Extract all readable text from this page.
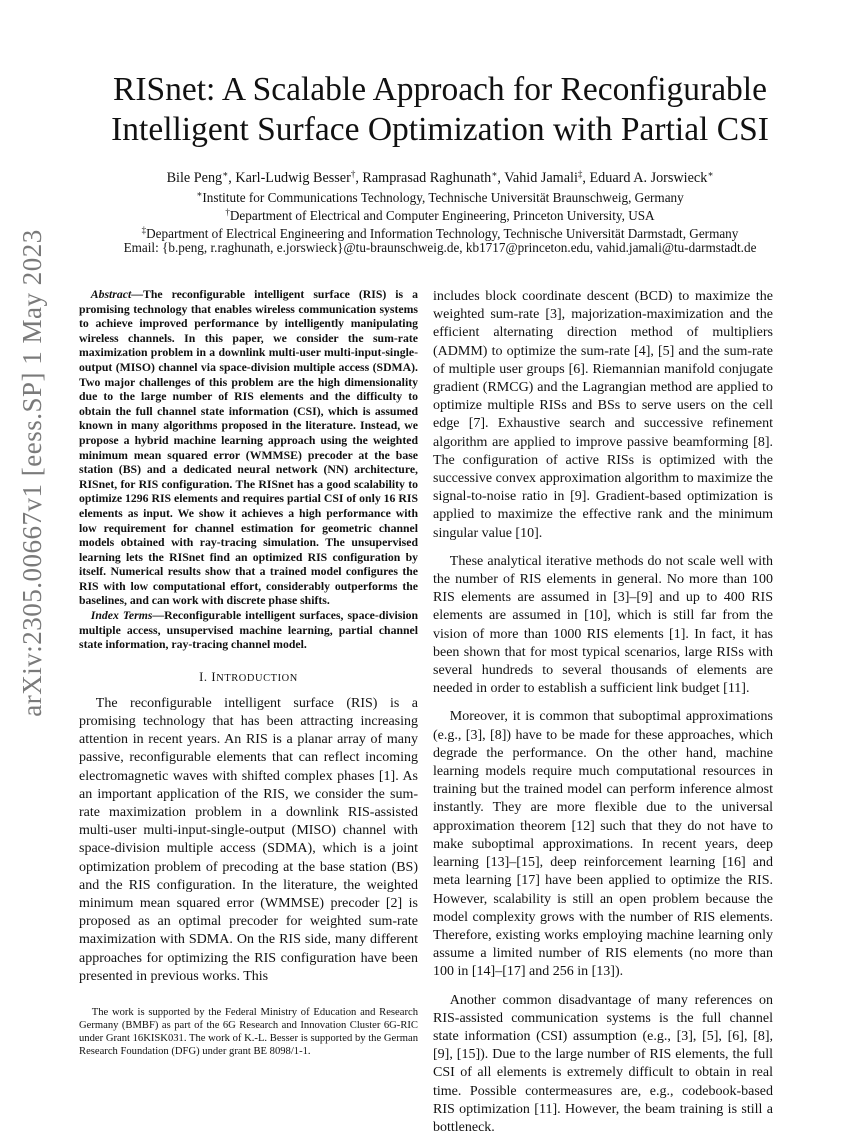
arXiv:2305.00667v1 [eess.SP] 1 May 2023
RISnet: A Scalable Approach for Reconfigurable
Intelligent Surface Optimization with Partial CSI
Bile Peng∗, Karl-Ludwig Besser†, Ramprasad Raghunath∗, Vahid Jamali‡, Eduard A. Jorswieck∗
∗Institute for Communications Technology, Technische Universität Braunschweig, Germany
†Department of Electrical and Computer Engineering, Princeton University, USA
‡Department of Electrical Engineering and Information Technology, Technische Universität Darmstadt, Germany
Email: {b.peng, r.raghunath, e.jorswieck}@tu-braunschweig.de, kb1717@princeton.edu, vahid.jamali@tu-darmstadt.de

Abstract—The reconfigurable intelligent surface (RIS) is a promising technology that enables wireless communication systems to achieve improved performance by intelligently manipulating wireless channels. In this paper, we consider the sum-rate maximization problem in a downlink multi-user multi-input-single-output (MISO) channel via space-division multiple access (SDMA). Two major challenges of this problem are the high dimensionality due to the large number of RIS elements and the difficulty to obtain the full channel state information (CSI), which is assumed known in many algorithms proposed in the literature. Instead, we propose a hybrid machine learning approach using the weighted minimum mean squared error (WMMSE) precoder at the base station (BS) and a dedicated neural network (NN) architecture, RISnet, for RIS configuration. The RISnet has a good scalability to optimize 1296 RIS elements and requires partial CSI of only 16 RIS elements as input. We show it achieves a high performance with low requirement for channel estimation for geometric channel models obtained with ray-tracing simulation. The unsupervised learning lets the RISnet find an optimized RIS configuration by itself. Numerical results show that a trained model configures the RIS with low computational effort, considerably outperforms the baselines, and can work with discrete phase shifts.

Index Terms—Reconfigurable intelligent surfaces, space-division multiple access, unsupervised machine learning, partial channel state information, ray-tracing channel model.

I. INTRODUCTION

The reconfigurable intelligent surface (RIS) is a promising technology that has been attracting increasing attention in recent years. An RIS is a planar array of many passive, reconfigurable elements that can reflect incoming electromagnetic waves with shifted complex phases [1]. As an important application of the RIS, we consider the sum-rate maximization problem in a downlink RIS-assisted multi-user multi-input-single-output (MISO) channel with space-division multiple access (SDMA), which is a joint optimization problem of precoding at the base station (BS) and the RIS configuration. In the literature, the weighted minimum mean squared error (WMMSE) precoder [2] is proposed as an optimal precoder for weighted sum-rate maximization with SDMA. On the RIS side, many different approaches for optimizing the RIS configuration have been presented in previous works. This

The work is supported by the Federal Ministry of Education and Research Germany (BMBF) as part of the 6G Research and Innovation Cluster 6G-RIC under Grant 16KISK031. The work of K.-L. Besser is supported by the German Research Foundation (DFG) under grant BE 8098/1-1.

includes block coordinate descent (BCD) to maximize the weighted sum-rate [3], majorization-maximization and the efficient alternating direction method of multipliers (ADMM) to optimize the sum-rate [4], [5] and the sum-rate of multiple user groups [6]. Riemannian manifold conjugate gradient (RMCG) and the Lagrangian method are applied to optimize multiple RISs and BSs to serve users on the cell edge [7]. Exhaustive search and successive refinement algorithm are applied to improve passive beamforming [8]. The configuration of active RISs is optimized with the successive convex approximation algorithm to maximize the signal-to-noise ratio in [9]. Gradient-based optimization is applied to maximize the effective rank and the minimum singular value [10].

These analytical iterative methods do not scale well with the number of RIS elements in general. No more than 100 RIS elements are assumed in [3]–[9] and up to 400 RIS elements are assumed in [10], which is still far from the vision of more than 1000 RIS elements [1]. In fact, it has been shown that for most typical scenarios, large RISs with several hundreds to several thousands of elements are needed in order to establish a sufficient link budget [11].

Moreover, it is common that suboptimal approximations (e.g., [3], [8]) have to be made for these approaches, which degrade the performance. On the other hand, machine learning models require much computational resources in training but the trained model can perform inference almost instantly. They are more flexible due to the universal approximation theorem [12] such that they do not have to make suboptimal approximations. In recent years, deep learning [13]–[15], deep reinforcement learning [16] and meta learning [17] have been applied to optimize the RIS. However, scalability is still an open problem because the model complexity grows with the number of RIS elements. Therefore, existing works employing machine learning only assume a limited number of RIS elements (no more than 100 in [14]–[17] and 256 in [13]).

Another common disadvantage of many references on RIS-assisted communication systems is the full channel state information (CSI) assumption (e.g., [3], [5], [6], [8], [9], [15]). Due to the large number of RIS elements, the full CSI of all elements is extremely difficult to obtain in real time. Possible contermeasures are, e.g., codebook-based RIS optimization [11]. However, the beam training is still a bottleneck.
